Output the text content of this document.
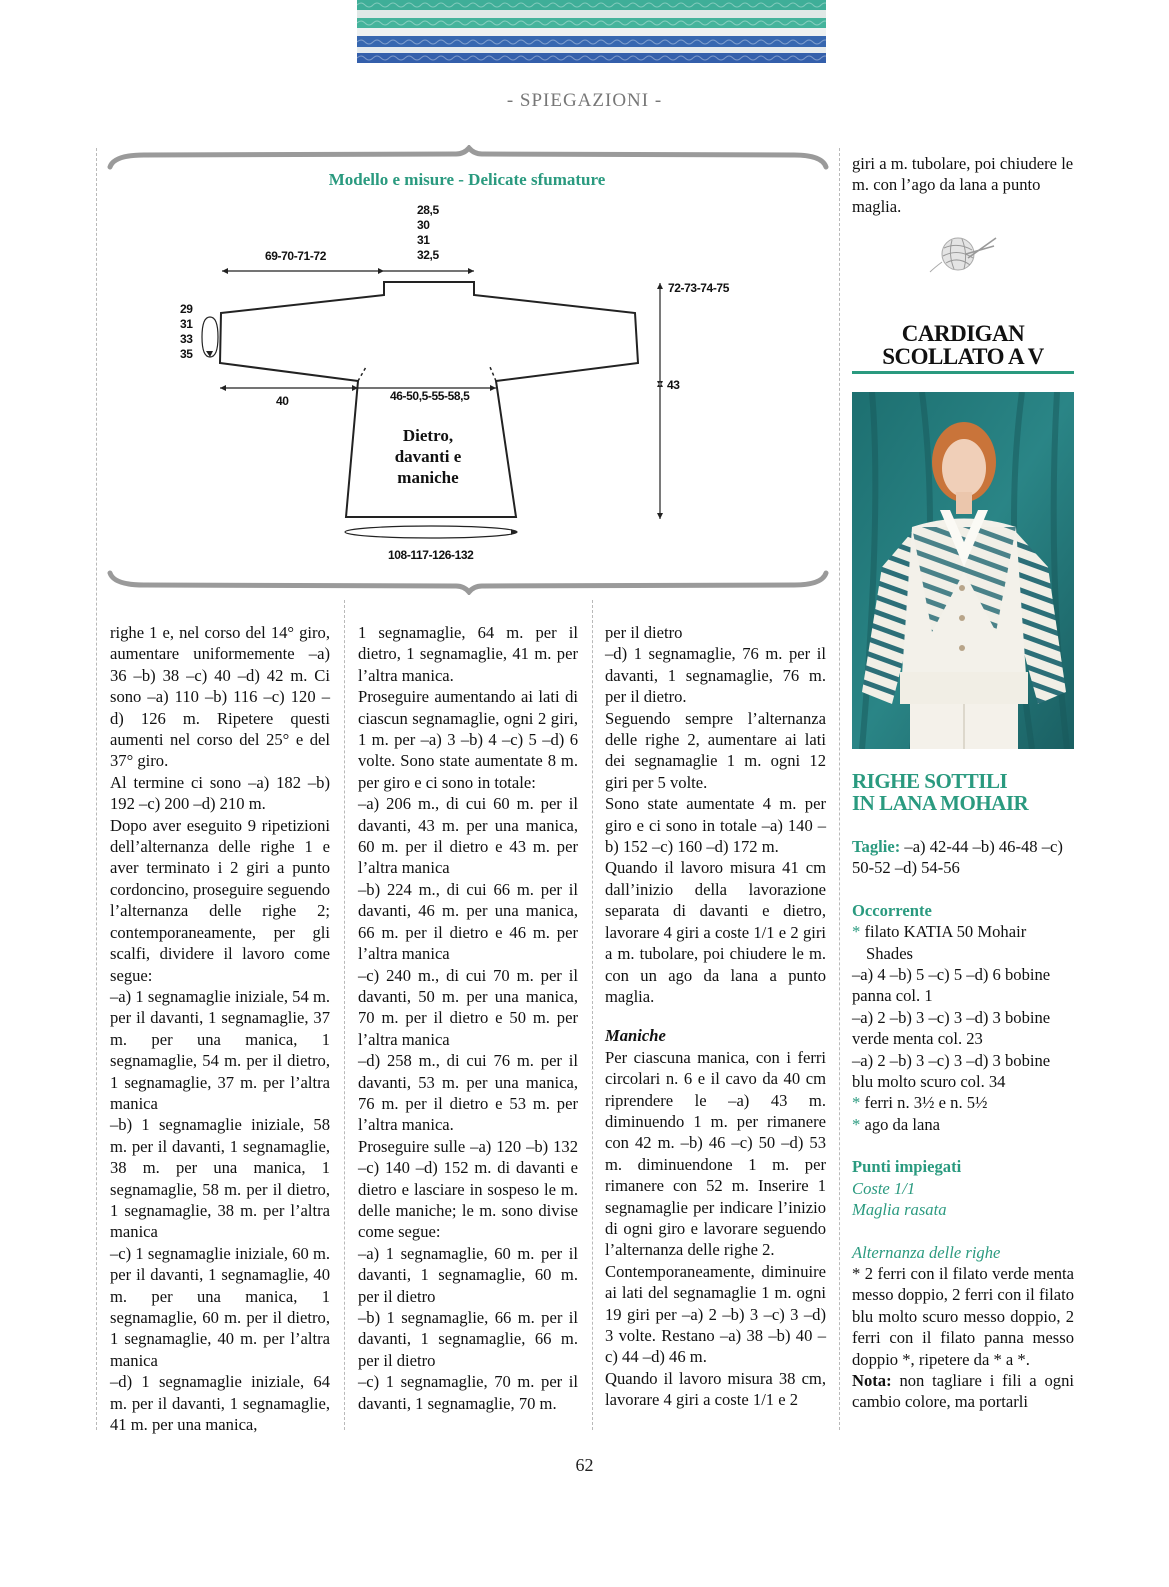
- SPIEGAZIONI -
Modello e misure - Delicate sfumature
28,5
30
31
32,5
69-70-71-72
72-73-74-75
29
31
33
35
40	46-50,5-55-58,5
43
108-117-126-132
Dietro,
davanti e
maniche

righe 1 e, nel corso del 14° giro, aumentare uniformemente –a) 36 –b) 38 –c) 40 –d) 42 m. Ci sono –a) 110 –b) 116 –c) 120 –d) 126 m. Ripetere questi aumenti nel corso del 25° e del 37° giro.

Al termine ci sono –a) 182 –b) 192 –c) 200 –d) 210 m.

Dopo aver eseguito 9 ripetizioni dell’alternanza delle righe 1 e aver terminato i 2 giri a punto cordoncino, proseguire seguendo l’alternanza delle righe 2; contemporaneamente, per gli scalfi, dividere il lavoro come segue:

–a) 1 segnamaglie iniziale, 54 m. per il davanti, 1 segnamaglie, 37 m. per una manica, 1 segnamaglie, 54 m. per il dietro, 1 segnamaglie, 37 m. per l’altra manica

–b) 1 segnamaglie iniziale, 58 m. per il davanti, 1 segnamaglie, 38 m. per una manica, 1 segnamaglie, 58 m. per il dietro, 1 segnamaglie, 38 m. per l’altra manica

–c) 1 segnamaglie iniziale, 60 m. per il davanti, 1 segnamaglie, 40 m. per una manica, 1 segnamaglie, 60 m. per il dietro, 1 segnamaglie, 40 m. per l’altra manica

–d) 1 segnamaglie iniziale, 64 m. per il davanti, 1 segnamaglie, 41 m. per una manica,

1 segnamaglie, 64 m. per il dietro, 1 segnamaglie, 41 m. per l’altra manica.

Proseguire aumentando ai lati di ciascun segnamaglie, ogni 2 giri, 1 m. per –a) 3 –b) 4 –c) 5 –d) 6 volte. Sono state aumentate 8 m. per giro e ci sono in totale:

–a) 206 m., di cui 60 m. per il davanti, 43 m. per una manica, 60 m. per il dietro e 43 m. per l’altra manica

–b) 224 m., di cui 66 m. per il davanti, 46 m. per una manica, 66 m. per il dietro e 46 m. per l’altra manica

–c) 240 m., di cui 70 m. per il davanti, 50 m. per una manica, 70 m. per il dietro e 50 m. per l’altra manica

–d) 258 m., di cui 76 m. per il davanti, 53 m. per una manica, 76 m. per il dietro e 53 m. per l’altra manica.

Proseguire sulle –a) 120 –b) 132 –c) 140 –d) 152 m. di davanti e dietro e lasciare in sospeso le m. delle maniche; le m. sono divise come segue:

–a) 1 segnamaglie, 60 m. per il davanti, 1 segnamaglie, 60 m. per il dietro

–b) 1 segnamaglie, 66 m. per il davanti, 1 segnamaglie, 66 m. per il dietro

–c) 1 segnamaglie, 70 m. per il davanti, 1 segnamaglie, 70 m.

per il dietro

–d) 1 segnamaglie, 76 m. per il davanti, 1 segnamaglie, 76 m. per il dietro.

Seguendo sempre l’alternanza delle righe 2, aumentare ai lati dei segnamaglie 1 m. ogni 12 giri per 5 volte.

Sono state aumentate 4 m. per giro e ci sono in totale –a) 140 –b) 152 –c) 160 –d) 172 m.

Quando il lavoro misura 41 cm dall’inizio della lavorazione separata di davanti e dietro, lavorare 4 giri a coste 1/1 e 2 giri a m. tubolare, poi chiudere le m. con un ago da lana a punto maglia.

Maniche

Per ciascuna manica, con i ferri circolari n. 6 e il cavo da 40 cm riprendere le –a) 43 m. diminuendo 1 m. per rimanere con 42 m. –b) 46 –c) 50 –d) 53 m. diminuendone 1 m. per rimanere con 52 m. Inserire 1 segnamaglie per indicare l’inizio di ogni giro e lavorare seguendo l’alternanza delle righe 2.

Contemporaneamente, diminuire ai lati del segnamaglie 1 m. ogni 19 giri per –a) 2 –b) 3 –c) 3 –d) 3 volte. Restano –a) 38 –b) 40 –c) 44 –d) 46 m.

Quando il lavoro misura 38 cm, lavorare 4 giri a coste 1/1 e 2

giri a m. tubolare, poi chiudere le m. con l’ago da lana a punto maglia.

CARDIGAN
SCOLLATO A V
RIGHE SOTTILI
IN LANA MOHAIR

Taglie: –a) 42-44 –b) 46-48 –c) 50-52 –d) 54-56

Occorrente

* filato KATIA 50 Mohair

Shades

–a) 4 –b) 5 –c) 5 –d) 6 bobine panna col. 1

–a) 2 –b) 3 –c) 3 –d) 3 bobine verde menta col. 23

–a) 2 –b) 3 –c) 3 –d) 3 bobine blu molto scuro col. 34

* ferri n. 3½ e n. 5½

* ago da lana

Punti impiegati

Coste 1/1

Maglia rasata

Alternanza delle righe

* 2 ferri con il filato verde menta messo doppio, 2 ferri con il filato blu molto scuro messo doppio, 2 ferri con il filato panna messo doppio *, ripetere da * a *.

Nota: non tagliare i fili a ogni cambio colore, ma portarli

62
